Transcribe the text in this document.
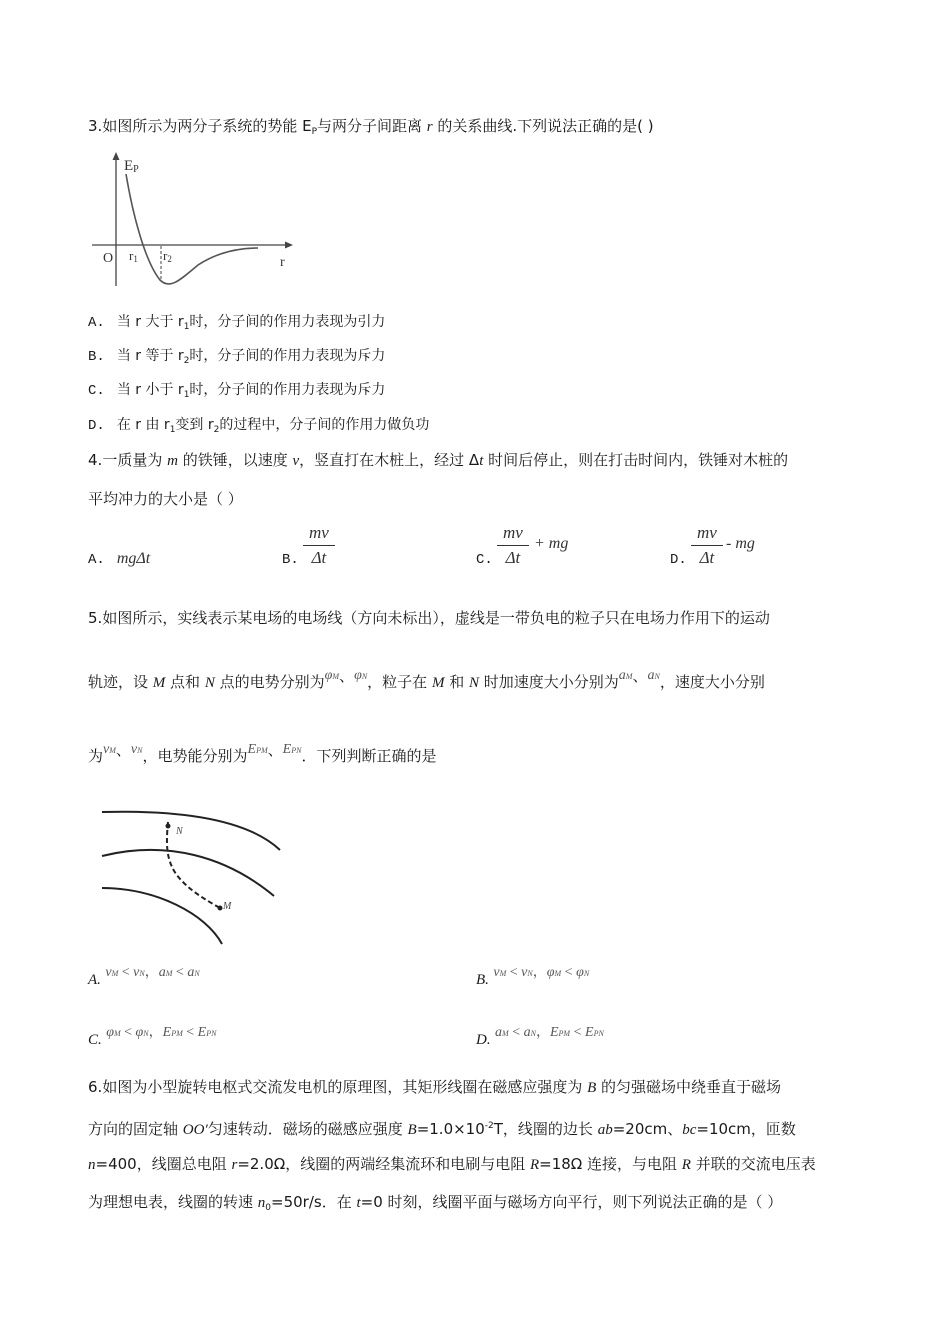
3.如图所示为两分子系统的势能 $E_P$与两分子间距离 r 的关系曲线.下列说法正确的是( )
EP
O r1 r2	r
A. 当 r 大于 $r_1$时，分子间的作用力表现为引力
B. 当 r 等于 $r_2$时，分子间的作用力表现为斥力
C. 当 r 小于 $r_1$时，分子间的作用力表现为斥力
D. 在 r 由 $r_1$变到 $r_2$的过程中，分子间的作用力做负功
4.一质量为 m 的铁锤，以速度 v，竖直打在木桩上，经过 Δt 时间后停止，则在打击时间内，铁锤对木桩的
平均冲力的大小是（ ）
A. mgΔt	B.
mv
Δt	C.
mv
Δt
+ mg
D.
mv
Δt
- mg
5.如图所示，实线表示某电场的电场线（方向未标出），虚线是一带负电的粒子只在电场力作用下的运动
轨迹，设 M 点和 N 点的电势分别为φM、φN，粒子在 M 和 N 时加速度大小分别为aM、aN，速度大小分别
为vM、vN，电势能分别为EPM、EPN．下列判断正确的是
N
M
A. vM < vN，aM < aN	B. vM < vN，φM < φN
C. φM < φN，EPM < EPN	D. aM < aN，EPM < EPN
6.如图为小型旋转电枢式交流发电机的原理图，其矩形线圈在磁感应强度为 B 的匀强磁场中绕垂直于磁场
方向的固定轴 OO′匀速转动．磁场的磁感应强度 $B=1.0\times 10^{-2}T$，线圈的边长 ab=20cm、bc=10cm，匝数
n=400，线圈总电阻 r=2.0Ω，线圈的两端经集流环和电刷与电阻 R=18Ω 连接，与电阻 R 并联的交流电压表
为理想电表，线圈的转速 $n_0=50r/s$．在 t=0 时刻，线圈平面与磁场方向平行，则下列说法正确的是（ ）
